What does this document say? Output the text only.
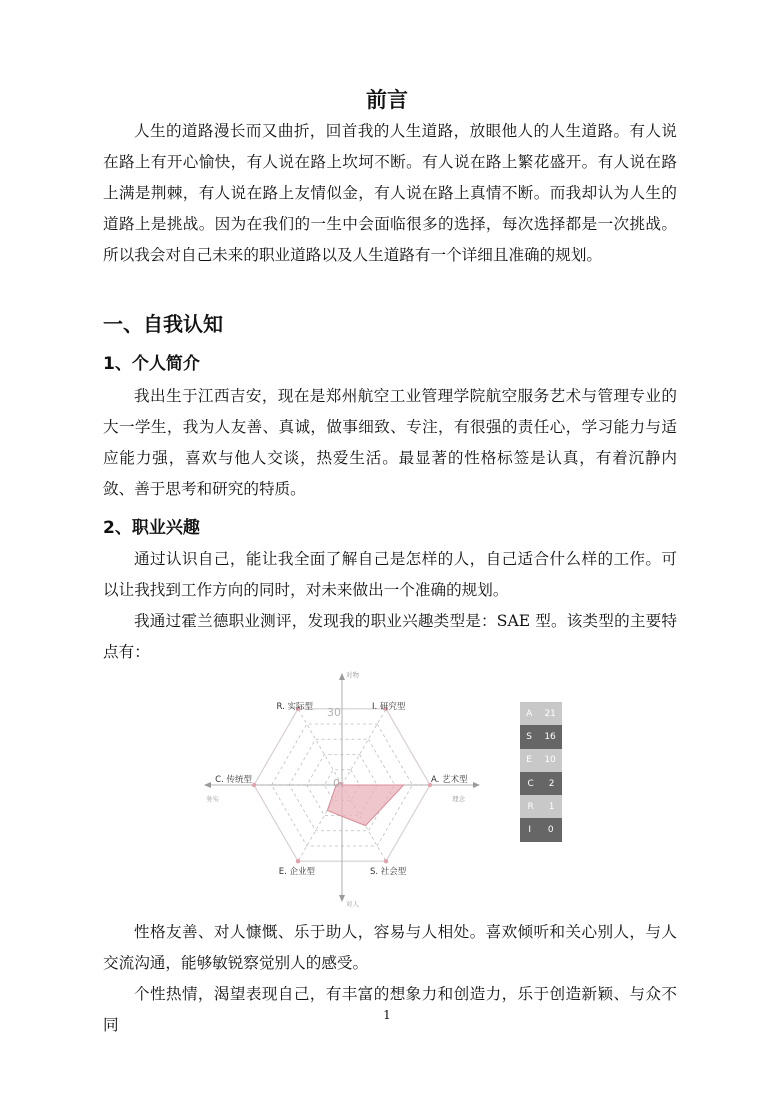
前言
人生的道路漫长而又曲折，回首我的人生道路，放眼他人的人生道路。有人说在路上有开心愉快，有人说在路上坎坷不断。有人说在路上繁花盛开。有人说在路上满是荆棘，有人说在路上友情似金，有人说在路上真情不断。而我却认为人生的道路上是挑战。因为在我们的一生中会面临很多的选择，每次选择都是一次挑战。所以我会对自己未来的职业道路以及人生道路有一个详细且准确的规划。
一、自我认知
1、个人简介
我出生于江西吉安，现在是郑州航空工业管理学院航空服务艺术与管理专业的大一学生，我为人友善、真诚，做事细致、专注，有很强的责任心，学习能力与适应能力强，喜欢与他人交谈，热爱生活。最显著的性格标签是认真，有着沉静内敛、善于思考和研究的特质。
2、职业兴趣
通过认识自己，能让我全面了解自己是怎样的人，自己适合什么样的工作。可以让我找到工作方向的同时，对未来做出一个准确的规划。
我通过霍兰德职业测评，发现我的职业兴趣类型是：SAE 型。该类型的主要特点有：
I. 研究型
A. 艺术型
S. 社会型
E. 企业型
C. 传统型
R. 实际型 30
0
对物
对人
务实	理念
A 21
S 16
E 10
C 2
R 1
I 0
性格友善、对人慷慨、乐于助人，容易与人相处。喜欢倾听和关心别人，与人交流沟通，能够敏锐察觉别人的感受。
个性热情，渴望表现自己，有丰富的想象力和创造力，乐于创造新颖、与众不同
1
